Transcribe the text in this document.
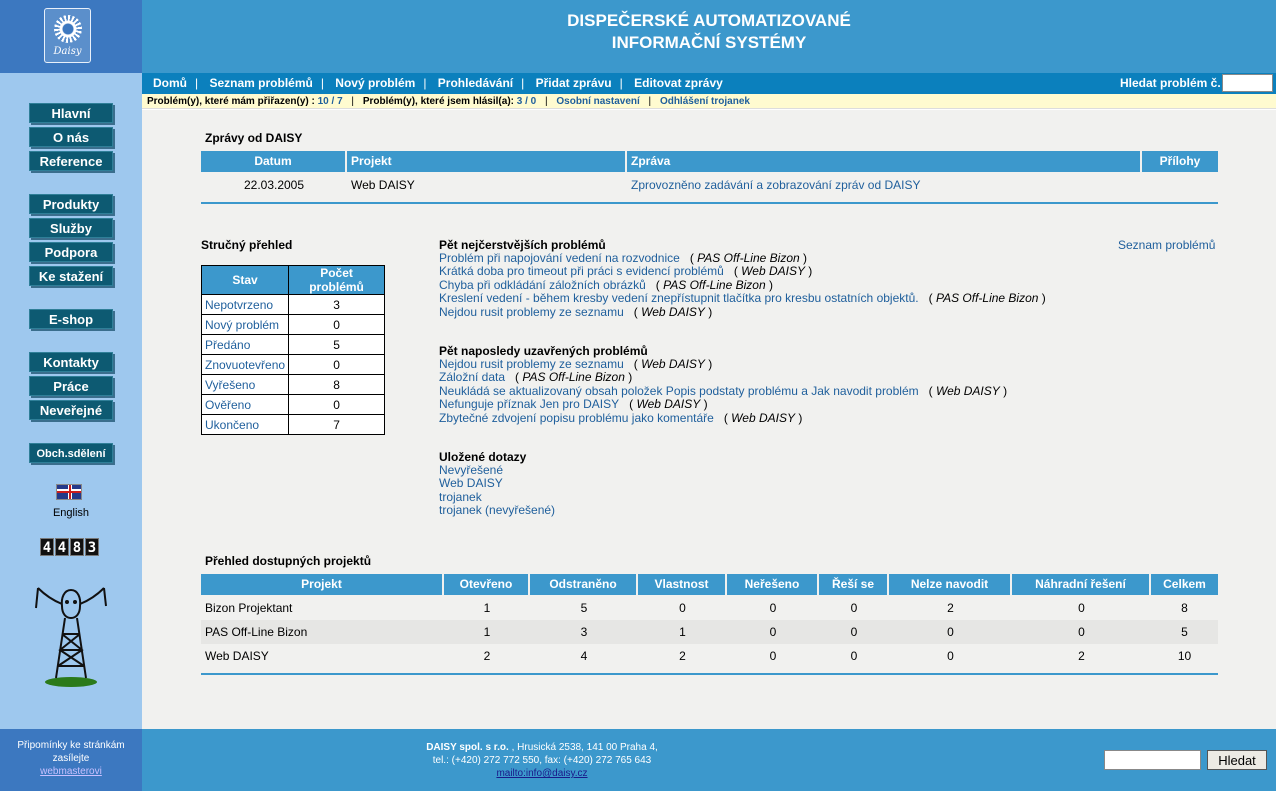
Daisy
Hlavní
O nás
Reference
Produkty
Služby
Podpora
Ke stažení
E-shop
Kontakty
Práce
Neveřejné
Obch.sdělení
English
4 4 8 3
Připomínky ke stránkám
zasílejte
webmasterovi
DISPEČERSKÉ AUTOMATIZOVANÉ
INFORMAČNÍ SYSTÉMY
Domů | Seznam problémů | Nový problém | Prohledávání | Přidat zprávu | Editovat zprávy	Hledat problém č.
Problém(y), které mám přiřazen(y) : 10 / 7 | Problém(y), které jsem hlásil(a): 3 / 0 | Osobní nastavení | Odhlášení trojanek
Zprávy od DAISY
Datum	Projekt	Zpráva	Přílohy
22.03.2005	Web DAISY	Zprovozněno zadávání a zobrazování zpráv od DAISY
Stručný přehled
Stav	Počet problémů
Nepotvrzeno	3
Nový problém	0
Předáno	5
Znovuotevřeno	0
Vyřešeno	8
Ověřeno	0
Ukončeno	7
Pět nejčerstvějších problémů	Seznam problémů
Problém při napojování vedení na rozvodnice   ( PAS Off-Line Bizon )
Krátká doba pro timeout při práci s evidencí problémů   ( Web DAISY )
Chyba při odkládání záložních obrázků   ( PAS Off-Line Bizon )
Kreslení vedení - během kresby vedení znepřístupnit tlačítka pro kresbu ostatních objektů.   ( PAS Off-Line Bizon )
Nejdou rusit problemy ze seznamu   ( Web DAISY )
Pět naposledy uzavřených problémů
Nejdou rusit problemy ze seznamu   ( Web DAISY )
Záložní data   ( PAS Off-Line Bizon )
Neukládá se aktualizovaný obsah položek Popis podstaty problému a Jak navodit problém   ( Web DAISY )
Nefunguje příznak Jen pro DAISY   ( Web DAISY )
Zbytečné zdvojení popisu problému jako komentáře   ( Web DAISY )
Uložené dotazy
Nevyřešené
Web DAISY
trojanek
trojanek (nevyřešené)
Přehled dostupných projektů
Projekt	Otevřeno	Odstraněno	Vlastnost	Neřešeno	Řeší se	Nelze navodit	Náhradní řešení	Celkem
Bizon Projektant	1	5	0	0	0	2	0	8
PAS Off-Line Bizon	1	3	1	0	0	0	0	5
Web DAISY	2	4	2	0	0	0	2	10
DAISY spol. s r.o. , Hrusická 2538, 141 00 Praha 4,
tel.: (+420) 272 772 550, fax: (+420) 272 765 643
mailto:info@daisy.cz
Hledat
